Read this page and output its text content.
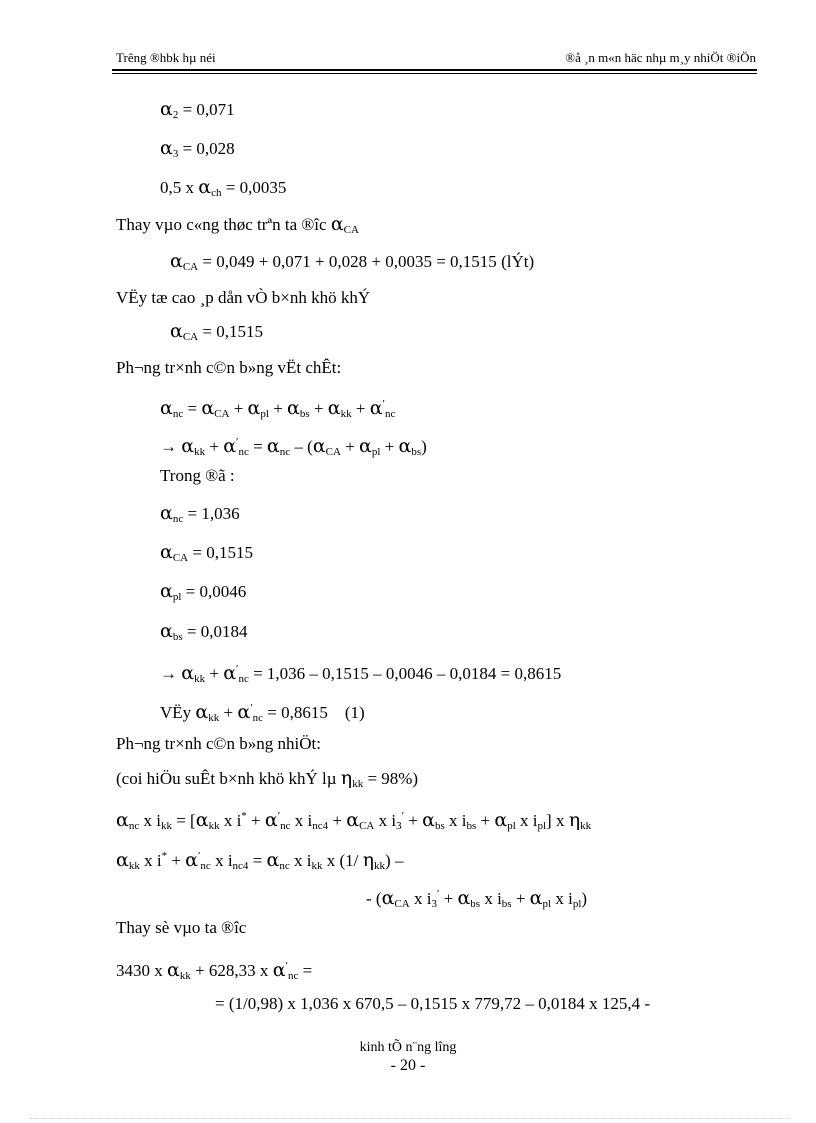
Trêng ®hbk hµ néi	®å ¸n m«n häc nhµ m¸y nhiÖt ®iÖn
$\alpha_2 = 0,071$
$\alpha_3 = 0,028$
0,5 x $\alpha_{ch} = 0,0035$
Thay vµo c«ng thøc trªn ta ®îc $\alpha_{CA}$
$\alpha_{CA} = 0,049 + 0,071 + 0,028 + 0,0035 = 0,1515$ (lÝt)
VËy tæ cao ¸p dån vÒ b×nh khö khÝ
$\alpha_{CA} = 0,1515$
Ph¬ng tr×nh c©n b»ng vËt chÊt:
$\alpha_{nc} = \alpha_{CA} + \alpha_{pl} + \alpha_{bs} + \alpha_{kk} + \alpha'_{nc}$
→ $\alpha_{kk} + \alpha'_{nc} = \alpha_{nc} - (\alpha_{CA} + \alpha_{pl} + \alpha_{bs})$
Trong ®ã :
$\alpha_{nc} = 1,036$
$\alpha_{CA} = 0,1515$
$\alpha_{pl} = 0,0046$
$\alpha_{bs} = 0,0184$
→ $\alpha_{kk} + \alpha'_{nc} = 1,036 - 0,1515 - 0,0046 - 0,0184 = 0,8615$
VËy $\alpha_{kk} + \alpha'_{nc} = 0,8615$ (1)
Ph¬ng tr×nh c©n b»ng nhiÖt:
(coi hiÖu suÊt b×nh khö khÝ lµ $\eta_{kk} = 98\%$)
$\alpha_{nc}$ x $i_{kk} = [\alpha_{kk}$ x $i^* + \alpha'_{nc}$ x $i_{nc4} + \alpha_{CA}$ x $i_3' + \alpha_{bs}$ x $i_{bs} + \alpha_{pl}$ x $i_{pl}$] x $\eta_{kk}$
$\alpha_{kk}$ x $i^* + \alpha'_{nc}$ x $i_{nc4} = \alpha_{nc}$ x $i_{kk}$ x (1/ $\eta_{kk}$) –
- ($\alpha_{CA}$ x $i_3' + \alpha_{bs}$ x $i_{bs} + \alpha_{pl}$ x $i_{pl}$)
Thay sè vµo ta ®îc
3430 x $\alpha_{kk} + 628,33$ x $\alpha'_{nc}$ =
= (1/0,98) x 1,036 x 670,5 – 0,1515 x 779,72 – 0,0184 x 125,4 -
kinh tÕ n¨ng lîng
- 20 -
